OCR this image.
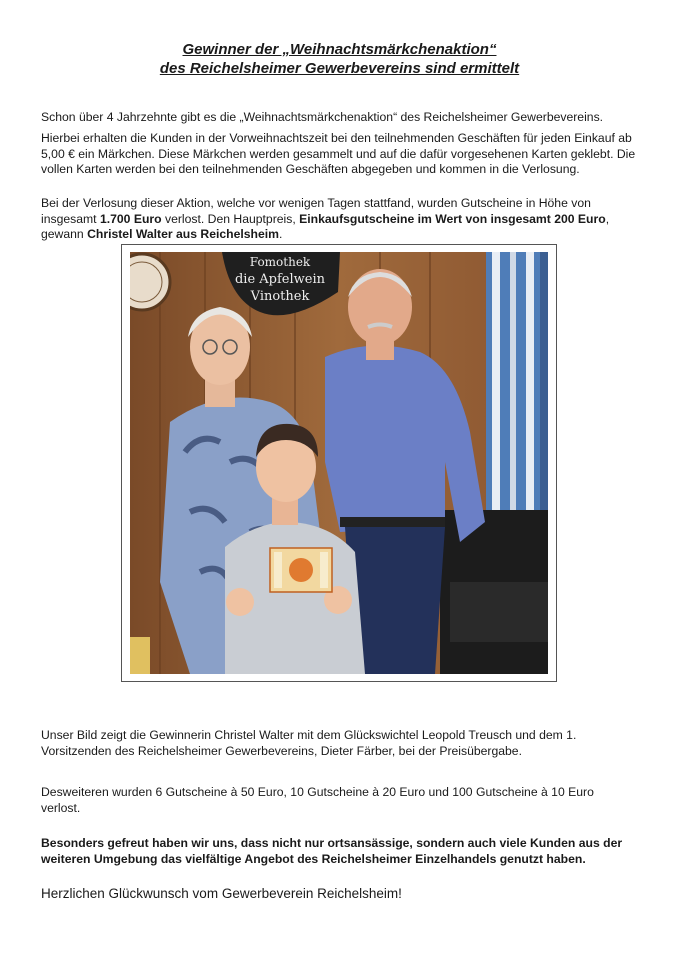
Gewinner der „Weihnachtsmärkchenaktion“
des Reichelsheimer Gewerbevereins sind ermittelt

Schon über 4 Jahrzehnte gibt es die „Weihnachtsmärkchenaktion“ des Reichelsheimer Gewerbevereins.

Hierbei erhalten die Kunden in der Vorweihnachtszeit bei den teilnehmenden Geschäften für jeden Einkauf ab 5,00 € ein Märkchen. Diese Märkchen werden gesammelt und auf die dafür vorgesehenen Karten geklebt. Die vollen Karten werden bei den teilnehmenden Geschäften abgegeben und kommen in die Verlosung.

Bei der Verlosung dieser Aktion, welche vor wenigen Tagen stattfand, wurden Gutscheine in Höhe von insgesamt 1.700 Euro verlost. Den Hauptpreis, Einkaufsgutscheine im Wert von insgesamt 200 Euro, gewann Christel Walter aus Reichelsheim.

Fomothek
die Apfelwein
Vinothek

Unser Bild zeigt die Gewinnerin Christel Walter mit dem Glückswichtel Leopold Treusch und dem 1. Vorsitzenden des Reichelsheimer Gewerbevereins, Dieter Färber, bei der Preisübergabe.

Desweiteren wurden 6 Gutscheine à 50 Euro, 10 Gutscheine à 20 Euro und 100 Gutscheine à 10 Euro verlost.

Besonders gefreut haben wir uns, dass nicht nur ortsansässige, sondern auch viele Kunden aus der weiteren Umgebung das vielfältige Angebot des Reichelsheimer Einzelhandels genutzt haben.

Herzlichen Glückwunsch vom Gewerbeverein Reichelsheim!
